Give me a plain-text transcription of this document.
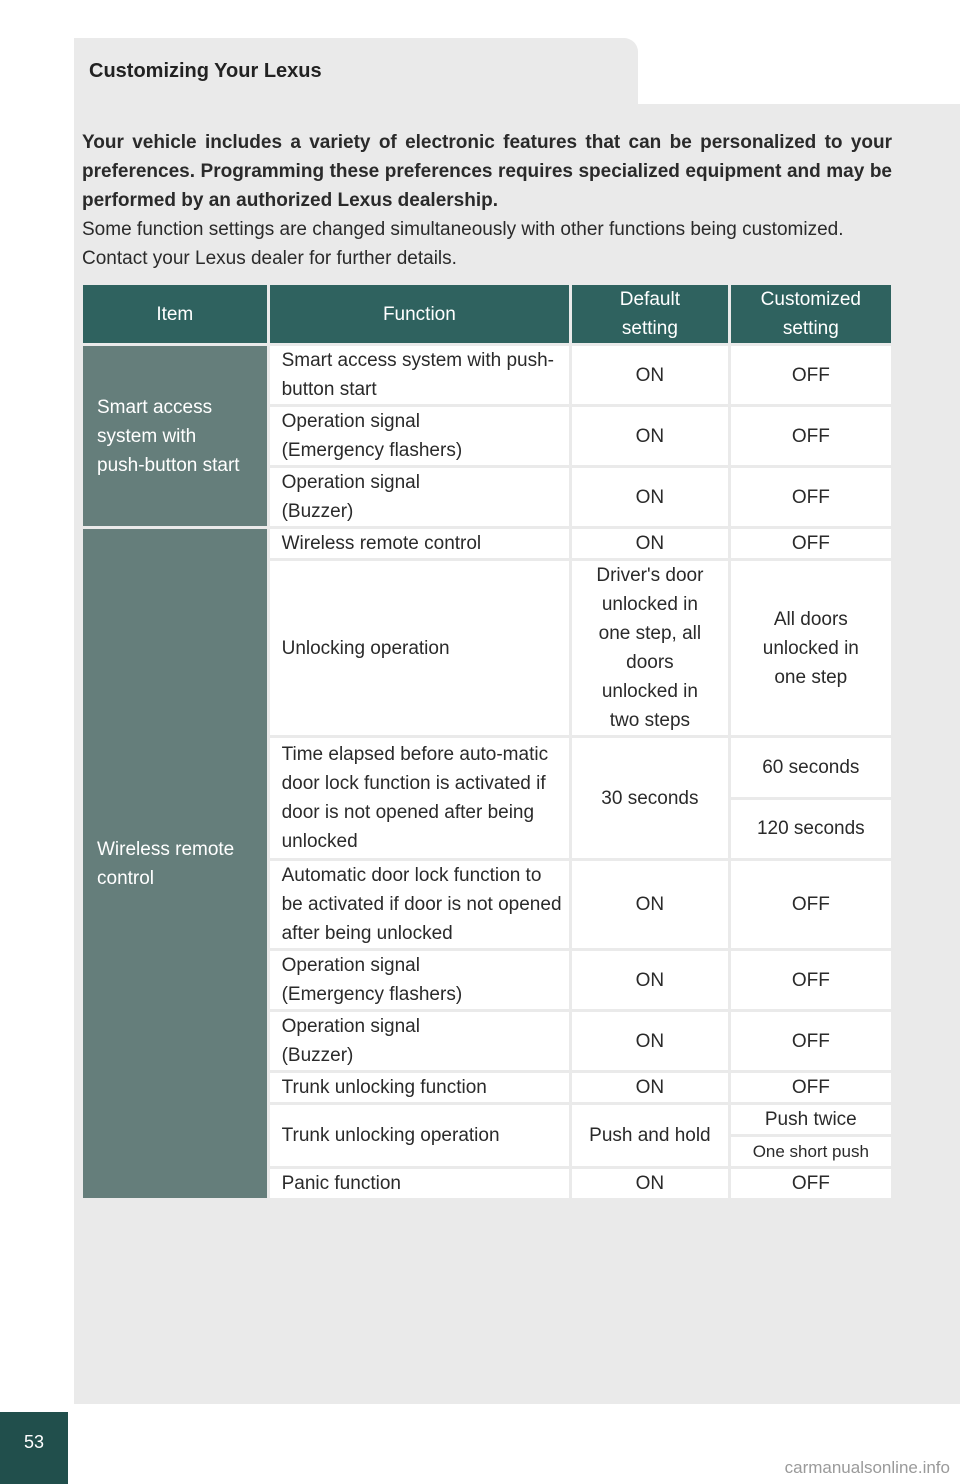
Customizing Your Lexus
Your vehicle includes a variety of electronic features that can be personalized to your preferences. Programming these preferences requires specialized equipment and may be performed by an authorized Lexus dealership.
Some function settings are changed simultaneously with other functions being customized. Contact your Lexus dealer for further details.
Item	Function	Default setting	Customized setting
Smart access system with push-button start	Smart access system with push-button start	ON	OFF
	Operation signal (Emergency flashers)	ON	OFF
	Operation signal (Buzzer)	ON	OFF
Wireless remote control	Wireless remote control	ON	OFF
	Unlocking operation	Driver's door unlocked in one step, all doors unlocked in two steps	All doors unlocked in one step
	Time elapsed before auto-matic door lock function is activated if door is not opened after being unlocked	30 seconds	60 seconds
			120 seconds
	Automatic door lock function to be activated if door is not opened after being unlocked	ON	OFF
	Operation signal (Emergency flashers)	ON	OFF
	Operation signal (Buzzer)	ON	OFF
	Trunk unlocking function	ON	OFF
	Trunk unlocking operation	Push and hold	Push twice
			One short push
	Panic function	ON	OFF
53
carmanualsonline.info
